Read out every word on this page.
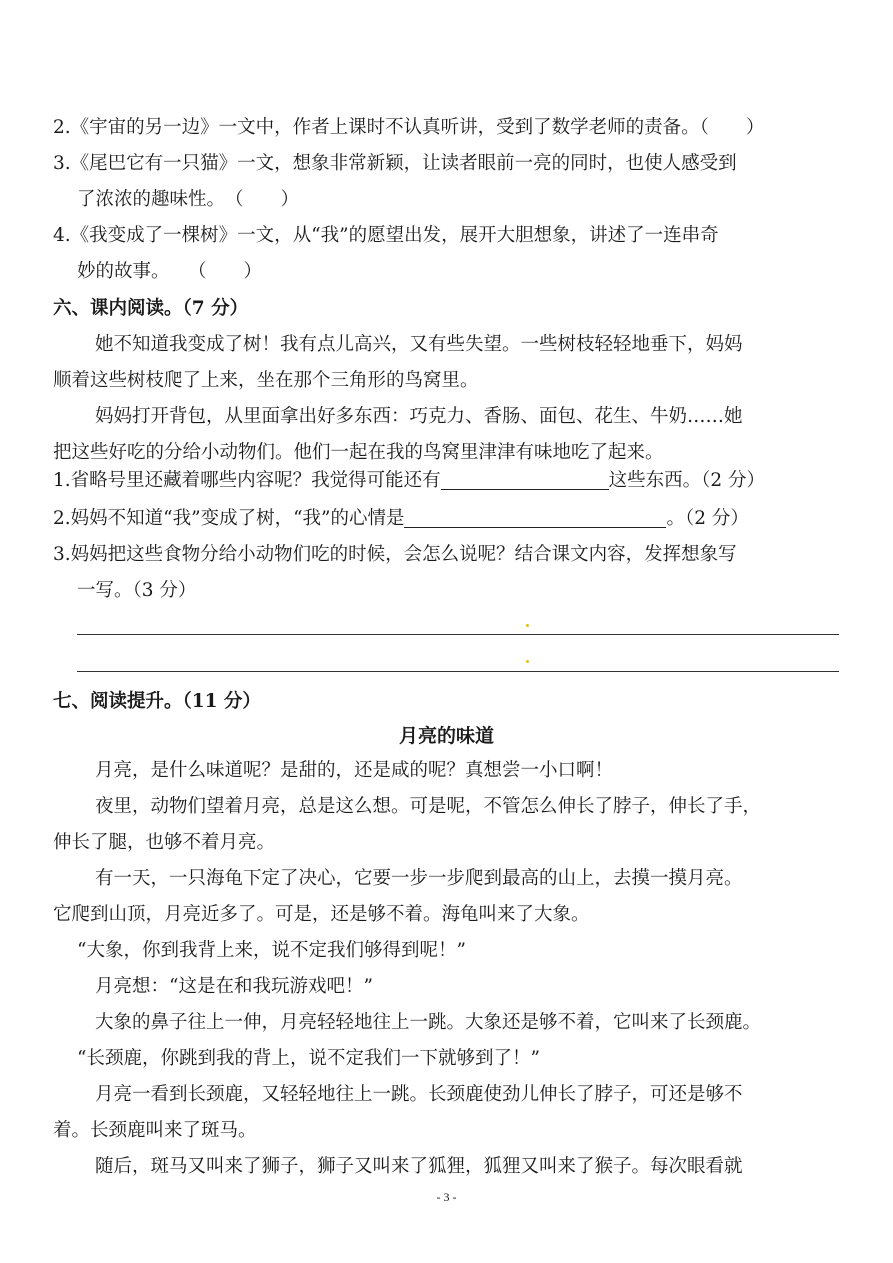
2.《宇宙的另一边》一文中，作者上课时不认真听讲，受到了数学老师的责备。（　　）
3.《尾巴它有一只猫》一文，想象非常新颖，让读者眼前一亮的同时，也使人感受到
了浓浓的趣味性。　（　　）
4.《我变成了一棵树》一文，从“我”的愿望出发，展开大胆想象，讲述了一连串奇
妙的故事。　　（　　）
六、课内阅读。（7 分）
她不知道我变成了树！我有点儿高兴，又有些失望。一些树枝轻轻地垂下，妈妈
顺着这些树枝爬了上来，坐在那个三角形的鸟窝里。
妈妈打开背包，从里面拿出好多东西：巧克力、香肠、面包、花生、牛奶……她
把这些好吃的分给小动物们。他们一起在我的鸟窝里津津有味地吃了起来。
1.省略号里还藏着哪些内容呢？我觉得可能还有	这些东西。（2 分）
2.妈妈不知道“我”变成了树，“我”的心情是	。（2 分）
3.妈妈把这些食物分给小动物们吃的时候，会怎么说呢？结合课文内容，发挥想象写
一写。（3 分）
七、阅读提升。（11 分）
月亮的味道
月亮，是什么味道呢？是甜的，还是咸的呢？真想尝一小口啊！
夜里，动物们望着月亮，总是这么想。可是呢，不管怎么伸长了脖子，伸长了手，
伸长了腿，也够不着月亮。
有一天，一只海龟下定了决心，它要一步一步爬到最高的山上，去摸一摸月亮。
它爬到山顶，月亮近多了。可是，还是够不着。海龟叫来了大象。
“大象，你到我背上来，说不定我们够得到呢！”
月亮想：“这是在和我玩游戏吧！”
大象的鼻子往上一伸，月亮轻轻地往上一跳。大象还是够不着，它叫来了长颈鹿。
“长颈鹿，你跳到我的背上，说不定我们一下就够到了！”
月亮一看到长颈鹿，又轻轻地往上一跳。长颈鹿使劲儿伸长了脖子，可还是够不
着。长颈鹿叫来了斑马。
随后，斑马又叫来了狮子，狮子又叫来了狐狸，狐狸又叫来了猴子。每次眼看就
- 3 -
